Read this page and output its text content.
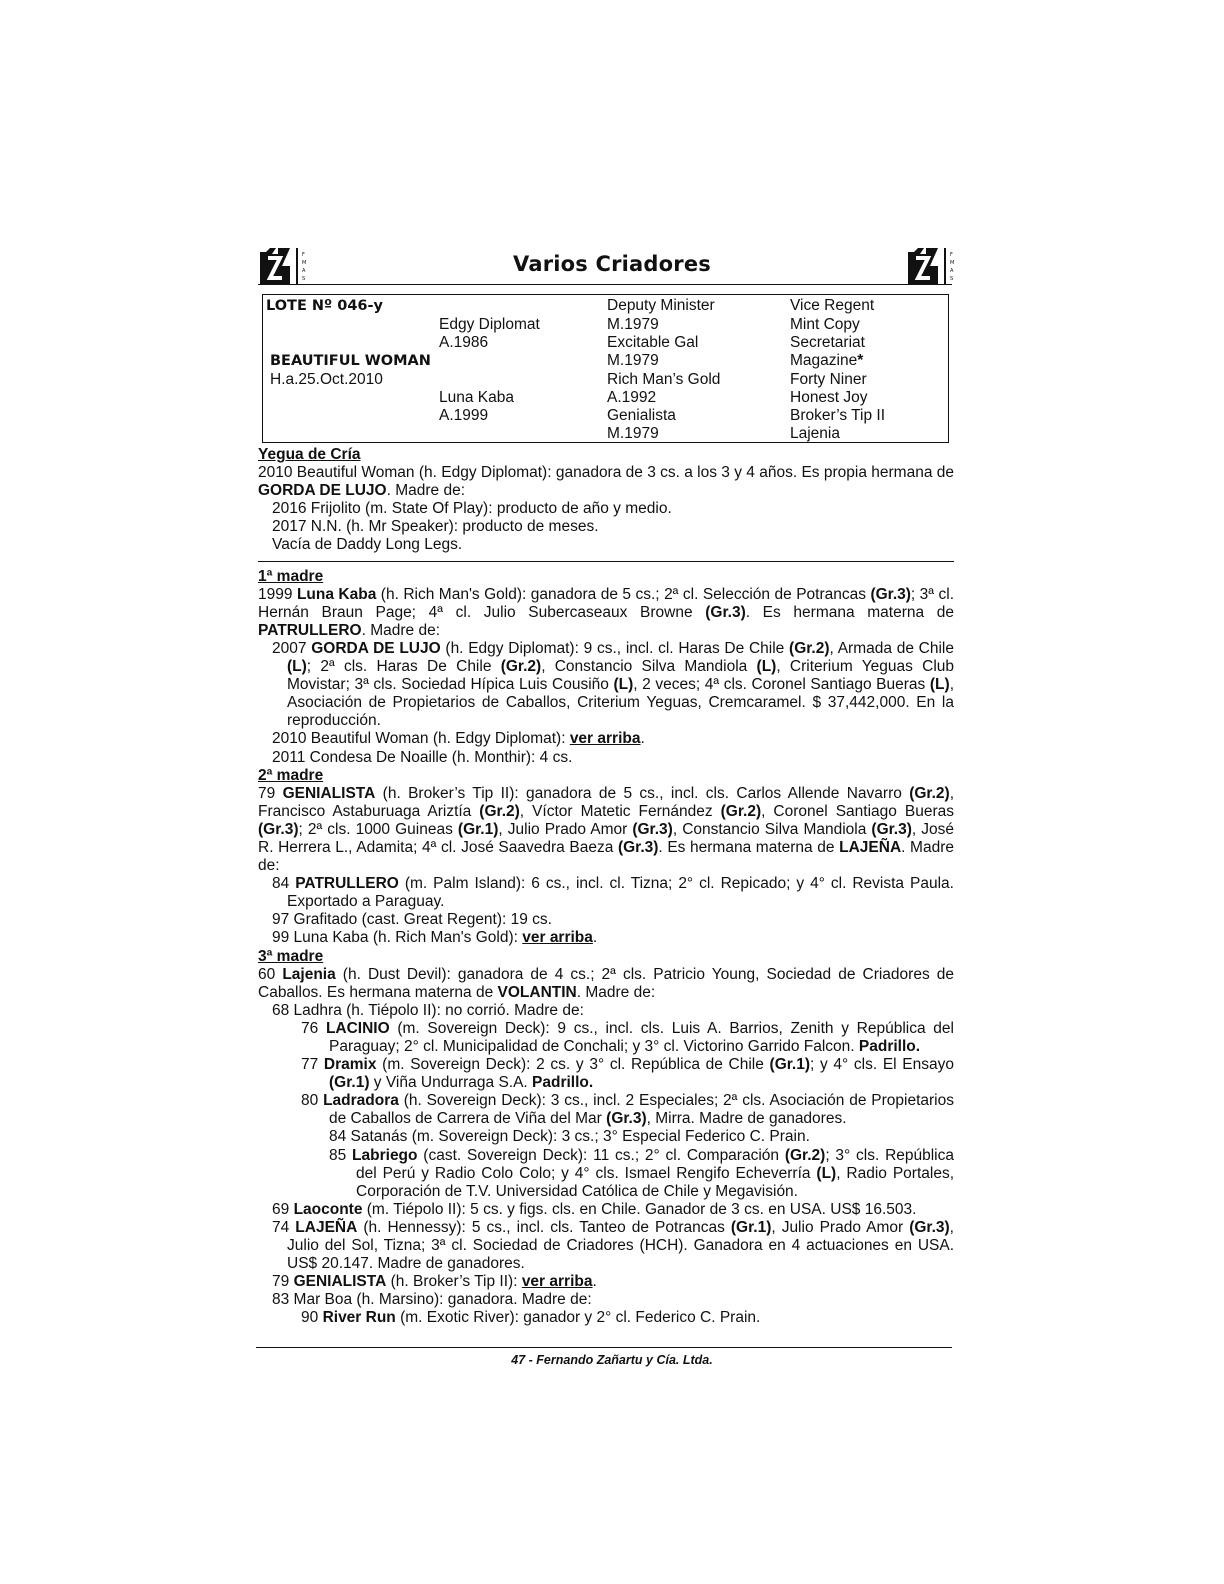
F
M
A
S
F
M
A
S
Varios Criadores
LOTE Nº 046-y
BEAUTIFUL WOMAN
H.a.25.Oct.2010
Edgy Diplomat
A.1986
Luna Kaba
A.1999
Deputy Minister
M.1979
Excitable Gal
M.1979
Rich Man’s Gold
A.1992
Genialista
M.1979
Vice Regent
Mint Copy
Secretariat
Magazine*
Forty Niner
Honest Joy
Broker’s Tip II
Lajenia

Yegua de Cría

2010 Beautiful Woman (h. Edgy Diplomat): ganadora de 3 cs. a los 3 y 4 años. Es propia hermana de GORDA DE LUJO. Madre de:

2016 Frijolito (m. State Of Play): producto de año y medio.

2017 N.N. (h. Mr Speaker): producto de meses.

Vacía de Daddy Long Legs.

1ª madre

1999 Luna Kaba (h. Rich Man's Gold): ganadora de 5 cs.; 2ª cl. Selección de Potrancas (Gr.3); 3ª cl. Hernán Braun Page; 4ª cl. Julio Subercaseaux Browne (Gr.3). Es hermana materna de PATRULLERO. Madre de:

2007 GORDA DE LUJO (h. Edgy Diplomat): 9 cs., incl. cl. Haras De Chile (Gr.2), Armada de Chile (L); 2ª cls. Haras De Chile (Gr.2), Constancio Silva Mandiola (L), Criterium Yeguas Club Movistar; 3ª cls. Sociedad Hípica Luis Cousiño (L), 2 veces; 4ª cls. Coronel Santiago Bueras (L), Asociación de Propietarios de Caballos, Criterium Yeguas, Cremcaramel. $ 37,442,000. En la reproducción.

2010 Beautiful Woman (h. Edgy Diplomat): ver arriba.

2011 Condesa De Noaille (h. Monthir): 4 cs.

2ª madre

79 GENIALISTA (h. Broker’s Tip II): ganadora de 5 cs., incl. cls. Carlos Allende Navarro (Gr.2), Francisco Astaburuaga Ariztía (Gr.2), Víctor Matetic Fernández (Gr.2), Coronel Santiago Bueras (Gr.3); 2ª cls. 1000 Guineas (Gr.1), Julio Prado Amor (Gr.3), Constancio Silva Mandiola (Gr.3), José R. Herrera L., Adamita; 4ª cl. José Saavedra Baeza (Gr.3). Es hermana materna de LAJEÑA. Madre de:

84 PATRULLERO (m. Palm Island): 6 cs., incl. cl. Tizna; 2° cl. Repicado; y 4° cl. Revista Paula. Exportado a Paraguay.

97 Grafitado (cast. Great Regent): 19 cs.

99 Luna Kaba (h. Rich Man's Gold): ver arriba.

3ª madre

60 Lajenia (h. Dust Devil): ganadora de 4 cs.; 2ª cls. Patricio Young, Sociedad de Criadores de Caballos. Es hermana materna de VOLANTIN. Madre de:

68 Ladhra (h. Tiépolo II): no corrió. Madre de:

76 LACINIO (m. Sovereign Deck): 9 cs., incl. cls. Luis A. Barrios, Zenith y República del Paraguay; 2° cl. Municipalidad de Conchali; y 3° cl. Victorino Garrido Falcon. Padrillo.

77 Dramix (m. Sovereign Deck): 2 cs. y 3° cl. República de Chile (Gr.1); y 4° cls. El Ensayo (Gr.1) y Viña Undurraga S.A. Padrillo.

80 Ladradora (h. Sovereign Deck): 3 cs., incl. 2 Especiales; 2ª cls. Asociación de Propietarios de Caballos de Carrera de Viña del Mar (Gr.3), Mirra. Madre de ganadores.

84 Satanás (m. Sovereign Deck): 3 cs.; 3° Especial Federico C. Prain.

85 Labriego (cast. Sovereign Deck): 11 cs.; 2° cl. Comparación (Gr.2); 3° cls. República del Perú y Radio Colo Colo; y 4° cls. Ismael Rengifo Echeverría (L), Radio Portales, Corporación de T.V. Universidad Católica de Chile y Megavisión.

69 Laoconte (m. Tiépolo II): 5 cs. y figs. cls. en Chile. Ganador de 3 cs. en USA. US$ 16.503.

74 LAJEÑA (h. Hennessy): 5 cs., incl. cls. Tanteo de Potrancas (Gr.1), Julio Prado Amor (Gr.3), Julio del Sol, Tizna; 3ª cl. Sociedad de Criadores (HCH). Ganadora en 4 actuaciones en USA. US$ 20.147. Madre de ganadores.

79 GENIALISTA (h. Broker’s Tip II): ver arriba.

83 Mar Boa (h. Marsino): ganadora. Madre de:

90 River Run (m. Exotic River): ganador y 2° cl. Federico C. Prain.

47 - Fernando Zañartu y Cía. Ltda.
